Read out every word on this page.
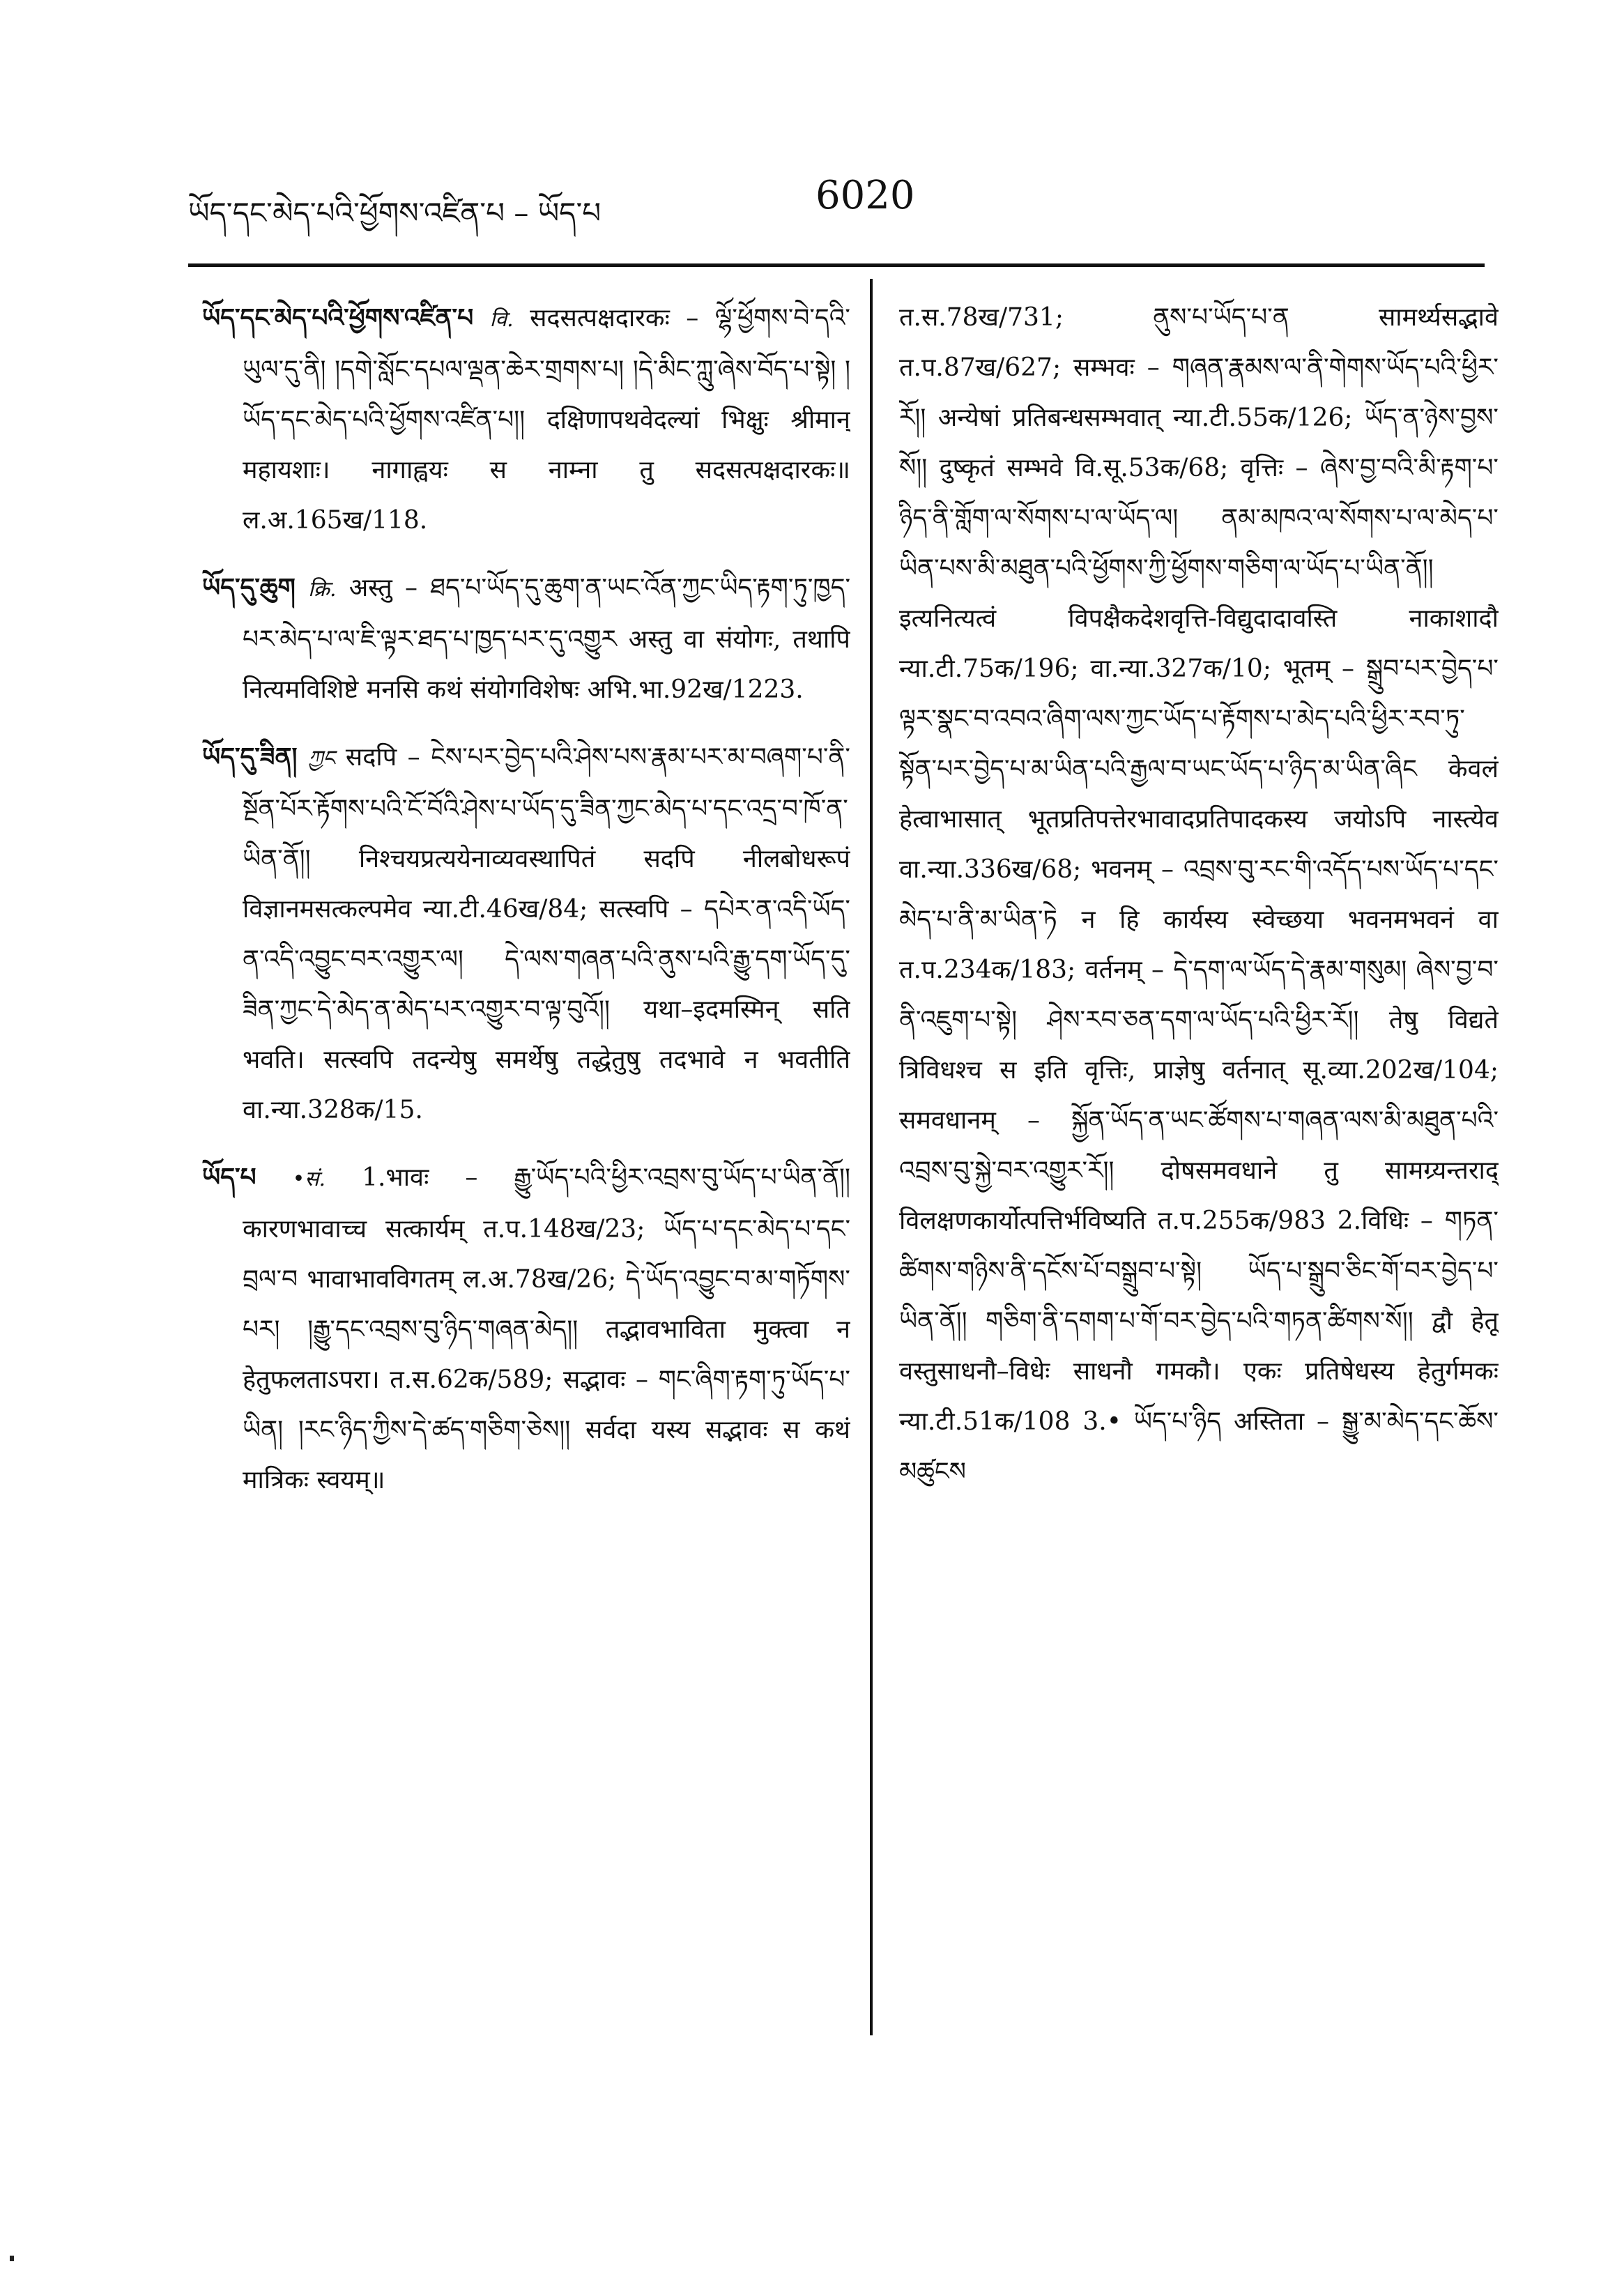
ཡོད་དང་མེད་པའི་ཕྱོགས་འཛིན་པ – ཡོད་པ	6020

ཡོད་དང་མེད་པའི་ཕྱོགས་འཛིན་པ वि. सदसत्पक्षदारकः – ལྷོ་ཕྱོགས་བེ་དའི་ཡུལ་དུ་ནི། །དགེ་སློང་དཔལ་ལྡན་ཆེར་གྲགས་པ། །དེ་མིང་ཀླུ་ཞེས་བོད་པ་སྟེ། །ཡོད་དང་མེད་པའི་ཕྱོགས་འཛིན་པ།། दक्षिणापथवेदल्यां भिक्षुः श्रीमान् महायशाः। नागाह्वयः स नाम्ना तु सदसत्पक्षदारकः॥ ल.अ.165ख/118.

ཡོད་དུ་ཆུག क्रि. अस्तु – ཐད་པ་ཡོད་དུ་ཆུག་ན་ཡང་འོན་ཀྱང་ཡིད་རྟག་ཏུ་ཁྱད་པར་མེད་པ་ལ་ཇི་ལྟར་ཐད་པ་ཁྱད་པར་དུ་འགྱུར अस्तु वा संयोगः, तथापि नित्यमविशिष्टे मनसि कथं संयोगविशेषः अभि.भा.92ख/1223.

ཡོད་དུ་ཟིན། ཀྱང सदपि – ངེས་པར་བྱེད་པའི་ཤེས་པས་རྣམ་པར་མ་བཞག་པ་ནི་སྔོན་པོར་རྟོགས་པའི་ངོ་བོའི་ཤེས་པ་ཡོད་དུ་ཟིན་ཀྱང་མེད་པ་དང་འདྲ་བ་ཁོ་ན་ཡིན་ནོ།། निश्चयप्रत्ययेनाव्यवस्थापितं सदपि नीलबोधरूपं विज्ञानमसत्कल्पमेव न्या.टी.46ख/84; सत्स्वपि – དཔེར་ན་འདི་ཡོད་ན་འདི་འབྱུང་བར་འགྱུར་ལ། དེ་ལས་གཞན་པའི་ནུས་པའི་རྒྱུ་དག་ཡོད་དུ་ཟིན་ཀྱང་དེ་མེད་ན་མེད་པར་འགྱུར་བ་ལྟ་བུའོ།། यथा–इदमस्मिन् सति भवति। सत्स्वपि तदन्येषु समर्थेषु तद्धेतुषु तदभावे न भवतीति वा.न्या.328क/15.

ཡོད་པ •सं. 1.भावः – རྒྱུ་ཡོད་པའི་ཕྱིར་འབྲས་བུ་ཡོད་པ་ཡིན་ནོ།། कारणभावाच्च सत्कार्यम् त.प.148ख/23; ཡོད་པ་དང་མེད་པ་དང་བྲལ་བ भावाभावविगतम् ल.अ.78ख/26; དེ་ཡོད་འབྱུང་བ་མ་གཏོགས་པར། །རྒྱུ་དང་འབྲས་བུ་ཉིད་གཞན་མེད།། तद्भावभाविता मुक्त्वा न हेतुफलताऽपरा। त.स.62क/589; सद्भावः – གང་ཞིག་རྟག་ཏུ་ཡོད་པ་ཡིན། །རང་ཉིད་ཀྱིས་དེ་ཚད་གཅིག་ཅེས།། सर्वदा यस्य सद्भावः स कथं मात्रिकः स्वयम्॥

त.स.78ख/731; ནུས་པ་ཡོད་པ་ན सामर्थ्यसद्भावे त.प.87ख/627; सम्भवः – གཞན་རྣམས་ལ་ནི་གེགས་ཡོད་པའི་ཕྱིར་རོ།། अन्येषां प्रतिबन्धसम्भवात् न्या.टी.55क/126; ཡོད་ན་ཉེས་བྱས་སོ།། दुष्कृतं सम्भवे वि.सू.53क/68; वृत्तिः – ཞེས་བྱ་བའི་མི་རྟག་པ་ཉིད་ནི་གློག་ལ་སོགས་པ་ལ་ཡོད་ལ། ནམ་མཁའ་ལ་སོགས་པ་ལ་མེད་པ་ཡིན་པས་མི་མཐུན་པའི་ཕྱོགས་ཀྱི་ཕྱོགས་གཅིག་ལ་ཡོད་པ་ཡིན་ནོ།། इत्यनित्यत्वं विपक्षैकदेशवृत्ति-विद्युदादावस्ति नाकाशादौ न्या.टी.75क/196; वा.न्या.327क/10; भूतम् – སྒྲུབ་པར་བྱེད་པ་ལྟར་སྣང་བ་འབའ་ཞིག་ལས་ཀྱང་ཡོད་པ་རྟོགས་པ་མེད་པའི་ཕྱིར་རབ་ཏུ་སྟོན་པར་བྱེད་པ་མ་ཡིན་པའི་རྒྱལ་བ་ཡང་ཡོད་པ་ཉིད་མ་ཡིན་ཞིང केवलं हेत्वाभासात् भूतप्रतिपत्तेरभावादप्रतिपादकस्य जयोऽपि नास्त्येव वा.न्या.336ख/68; भवनम् – འབྲས་བུ་རང་གི་འདོད་པས་ཡོད་པ་དང་མེད་པ་ནི་མ་ཡིན་ཏེ न हि कार्यस्य स्वेच्छया भवनमभवनं वा त.प.234क/183; वर्तनम् – དེ་དག་ལ་ཡོད་དེ་རྣམ་གསུམ། ཞེས་བྱ་བ་ནི་འཇུག་པ་སྟེ། ཤེས་རབ་ཅན་དག་ལ་ཡོད་པའི་ཕྱིར་རོ།། तेषु विद्यते त्रिविधश्च स इति वृत्तिः, प्राज्ञेषु वर्तनात् सू.व्या.202ख/104; समवधानम् – སྐྱོན་ཡོད་ན་ཡང་ཚོགས་པ་གཞན་ལས་མི་མཐུན་པའི་འབྲས་བུ་སྐྱེ་བར་འགྱུར་རོ།། दोषसमवधाने तु सामग्र्यन्तराद् विलक्षणकार्योत्पत्तिर्भविष्यति त.प.255क/983 2.विधिः – གཏན་ཚིགས་གཉིས་ནི་དངོས་པོ་བསྒྲུབ་པ་སྟེ། ཡོད་པ་སྒྲུབ་ཅིང་གོ་བར་བྱེད་པ་ཡིན་ནོ།། གཅིག་ནི་དགག་པ་གོ་བར་བྱེད་པའི་གཏན་ཚིགས་སོ།། द्वौ हेतू वस्तुसाधनौ–विधेः साधनौ गमकौ। एकः प्रतिषेधस्य हेतुर्गमकः न्या.टी.51क/108 3.• ཡོད་པ་ཉིད अस्तिता – སྒྱུ་མ་མེད་དང་ཆོས་མཚུངས
